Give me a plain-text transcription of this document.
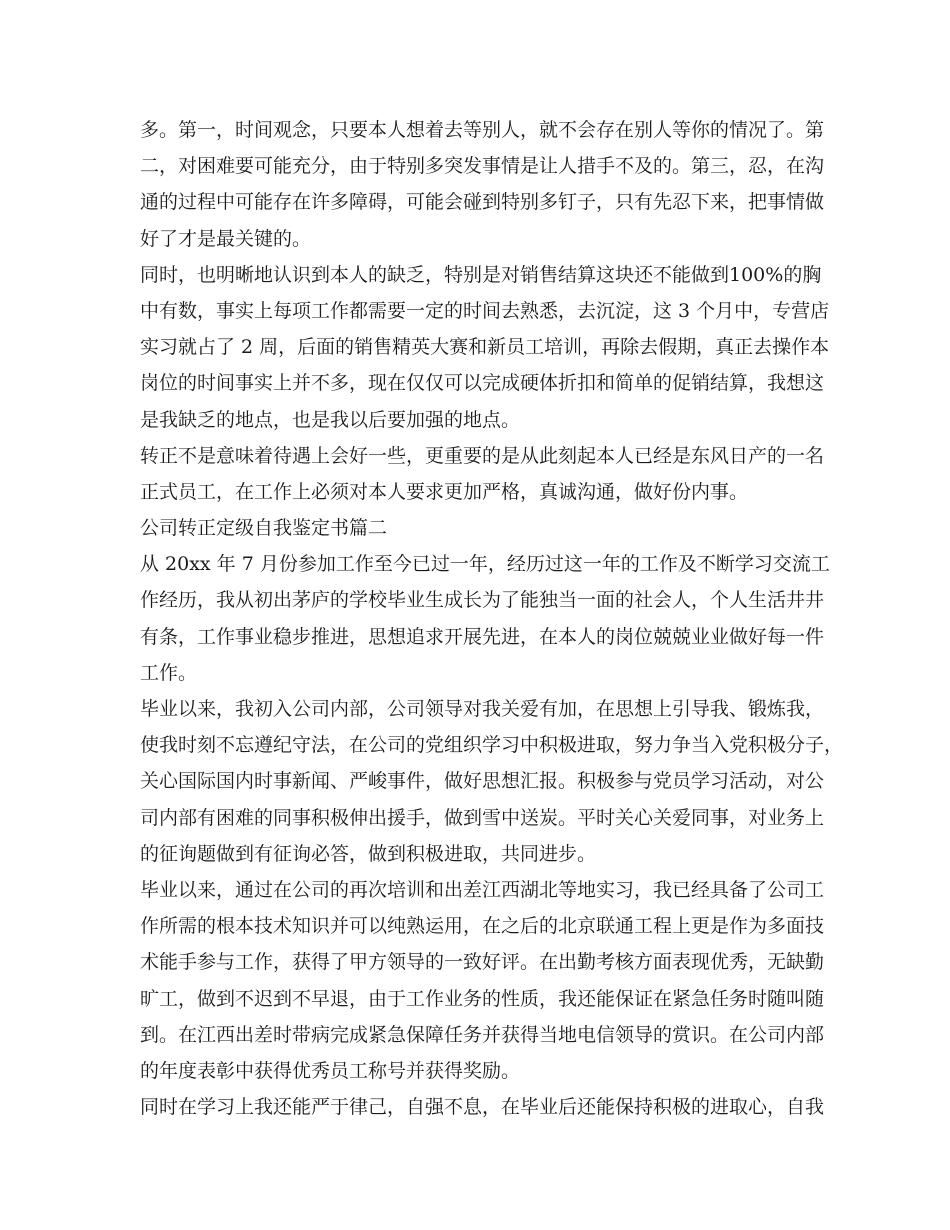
多。第一，时间观念，只要本人想着去等别人，就不会存在别人等你的情况了。第
二，对困难要可能充分，由于特别多突发事情是让人措手不及的。第三，忍，在沟
通的过程中可能存在许多障碍，可能会碰到特别多钉子，只有先忍下来，把事情做
好了才是最关键的。
同时，也明晰地认识到本人的缺乏，特别是对销售结算这块还不能做到100%的胸
中有数，事实上每项工作都需要一定的时间去熟悉，去沉淀，这 3 个月中，专营店
实习就占了 2 周，后面的销售精英大赛和新员工培训，再除去假期，真正去操作本
岗位的时间事实上并不多，现在仅仅可以完成硬体折扣和简单的促销结算，我想这
是我缺乏的地点，也是我以后要加强的地点。
转正不是意味着待遇上会好一些，更重要的是从此刻起本人已经是东风日产的一名
正式员工，在工作上必须对本人要求更加严格，真诚沟通，做好份内事。
公司转正定级自我鉴定书篇二
从 20xx 年 7 月份参加工作至今已过一年，经历过这一年的工作及不断学习交流工
作经历，我从初出茅庐的学校毕业生成长为了能独当一面的社会人，个人生活井井
有条，工作事业稳步推进，思想追求开展先进，在本人的岗位兢兢业业做好每一件
工作。
毕业以来，我初入公司内部，公司领导对我关爱有加，在思想上引导我、锻炼我，
使我时刻不忘遵纪守法，在公司的党组织学习中积极进取，努力争当入党积极分子，
关心国际国内时事新闻、严峻事件，做好思想汇报。积极参与党员学习活动，对公
司内部有困难的同事积极伸出援手，做到雪中送炭。平时关心关爱同事，对业务上
的征询题做到有征询必答，做到积极进取，共同进步。
毕业以来，通过在公司的再次培训和出差江西湖北等地实习，我已经具备了公司工
作所需的根本技术知识并可以纯熟运用，在之后的北京联通工程上更是作为多面技
术能手参与工作，获得了甲方领导的一致好评。在出勤考核方面表现优秀，无缺勤
旷工，做到不迟到不早退，由于工作业务的性质，我还能保证在紧急任务时随叫随
到。在江西出差时带病完成紧急保障任务并获得当地电信领导的赏识。在公司内部
的年度表彰中获得优秀员工称号并获得奖励。
同时在学习上我还能严于律己，自强不息，在毕业后还能保持积极的进取心，自我
